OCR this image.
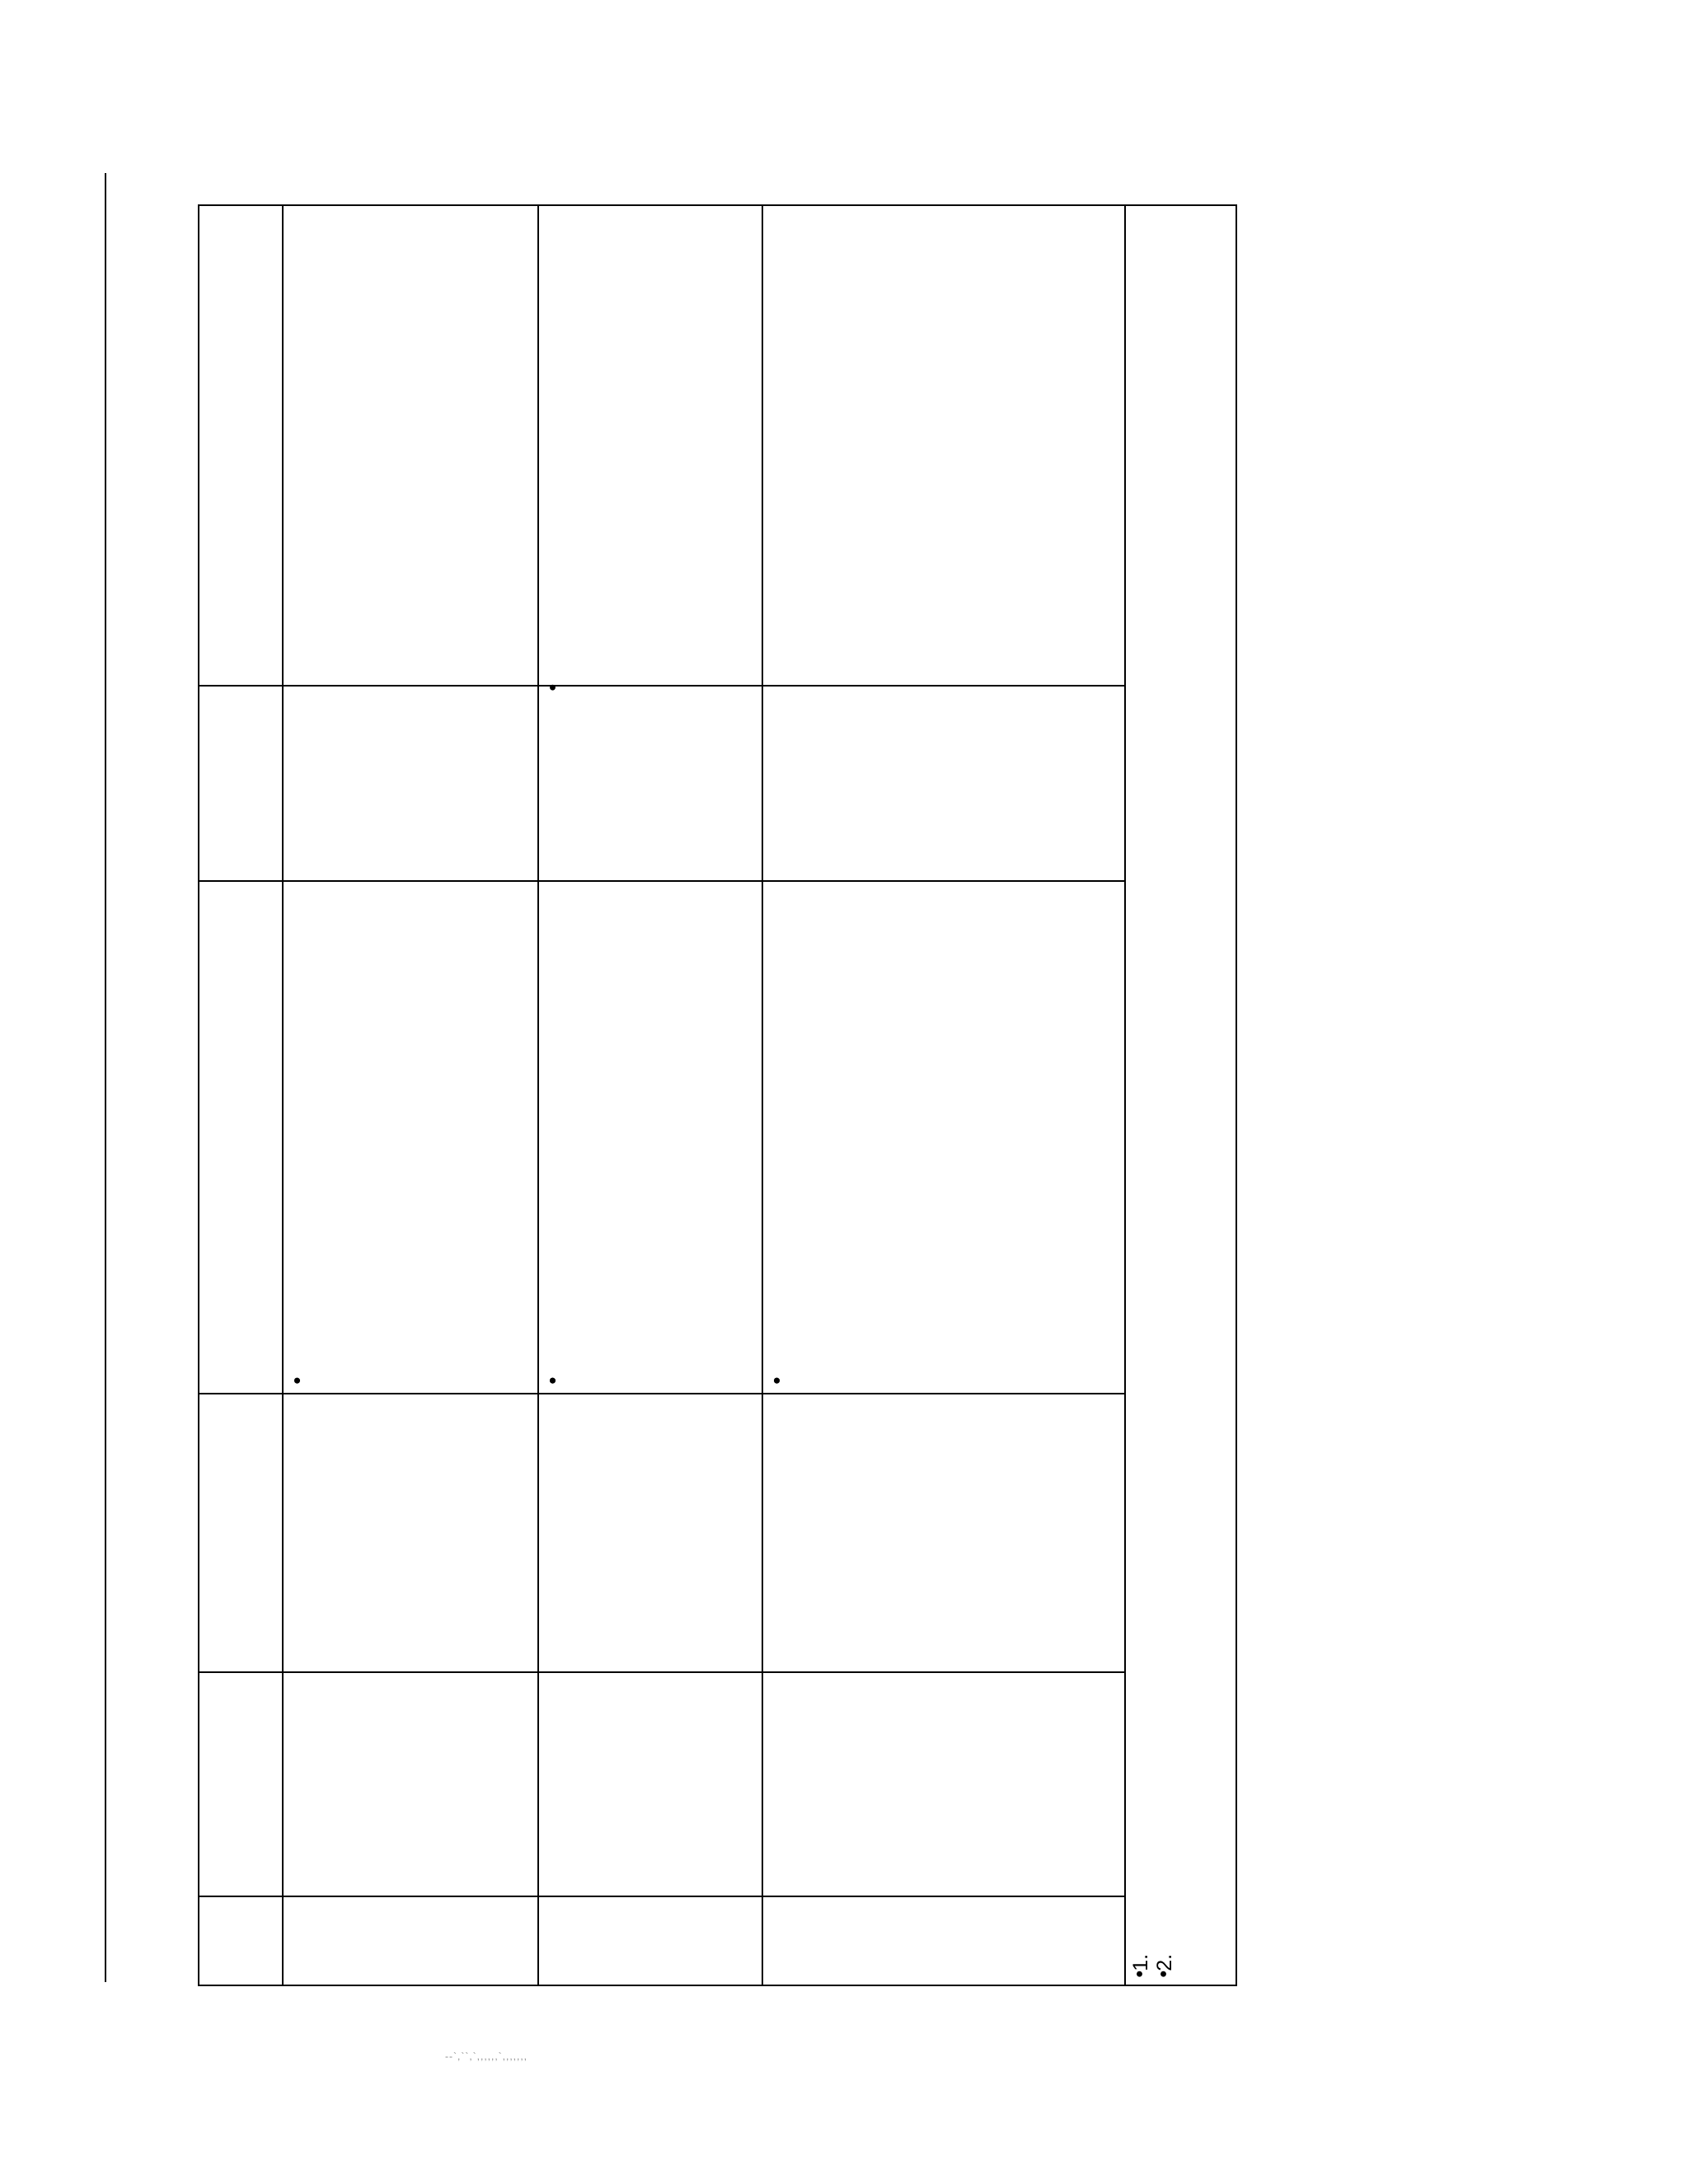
●

● 1.
● 2.
--`,``,`,,,,,,`,,,,,,,
